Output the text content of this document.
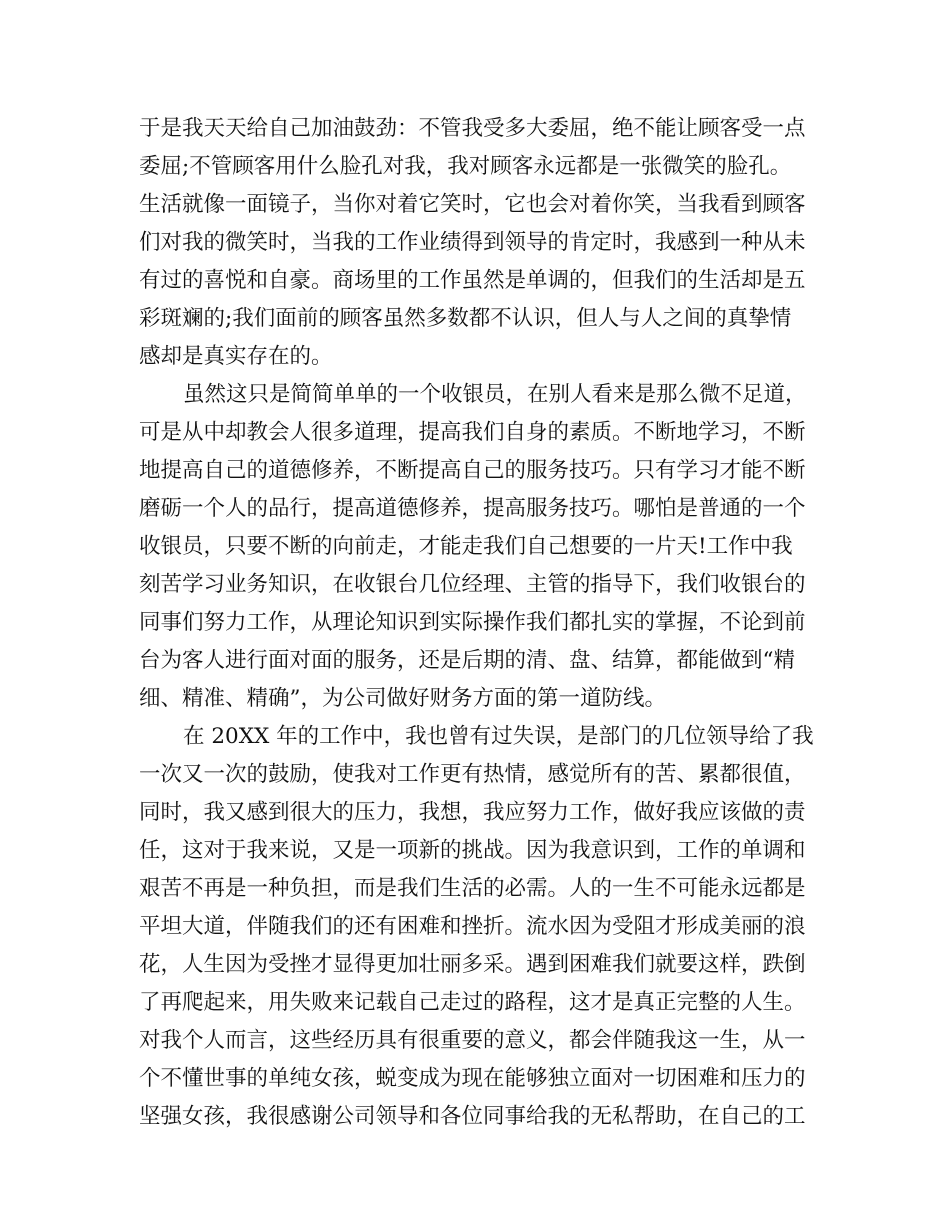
于是我天天给自己加油鼓劲：不管我受多大委屈，绝不能让顾客受一点
委屈;不管顾客用什么脸孔对我，我对顾客永远都是一张微笑的脸孔。
生活就像一面镜子，当你对着它笑时，它也会对着你笑，当我看到顾客
们对我的微笑时，当我的工作业绩得到领导的肯定时，我感到一种从未
有过的喜悦和自豪。商场里的工作虽然是单调的，但我们的生活却是五
彩斑斓的;我们面前的顾客虽然多数都不认识，但人与人之间的真挚情
感却是真实存在的。
虽然这只是简简单单的一个收银员，在别人看来是那么微不足道，
可是从中却教会人很多道理，提高我们自身的素质。不断地学习，不断
地提高自己的道德修养，不断提高自己的服务技巧。只有学习才能不断
磨砺一个人的品行，提高道德修养，提高服务技巧。哪怕是普通的一个
收银员，只要不断的向前走，才能走我们自己想要的一片天!工作中我
刻苦学习业务知识，在收银台几位经理、主管的指导下，我们收银台的
同事们努力工作，从理论知识到实际操作我们都扎实的掌握，不论到前
台为客人进行面对面的服务，还是后期的清、盘、结算，都能做到“精
细、精准、精确”，为公司做好财务方面的第一道防线。
在 20XX 年的工作中，我也曾有过失误，是部门的几位领导给了我
一次又一次的鼓励，使我对工作更有热情，感觉所有的苦、累都很值，
同时，我又感到很大的压力，我想，我应努力工作，做好我应该做的责
任，这对于我来说，又是一项新的挑战。因为我意识到，工作的单调和
艰苦不再是一种负担，而是我们生活的必需。人的一生不可能永远都是
平坦大道，伴随我们的还有困难和挫折。流水因为受阻才形成美丽的浪
花，人生因为受挫才显得更加壮丽多采。遇到困难我们就要这样，跌倒
了再爬起来，用失败来记载自己走过的路程，这才是真正完整的人生。
对我个人而言，这些经历具有很重要的意义，都会伴随我这一生，从一
个不懂世事的单纯女孩，蜕变成为现在能够独立面对一切困难和压力的
坚强女孩，我很感谢公司领导和各位同事给我的无私帮助，在自己的工
